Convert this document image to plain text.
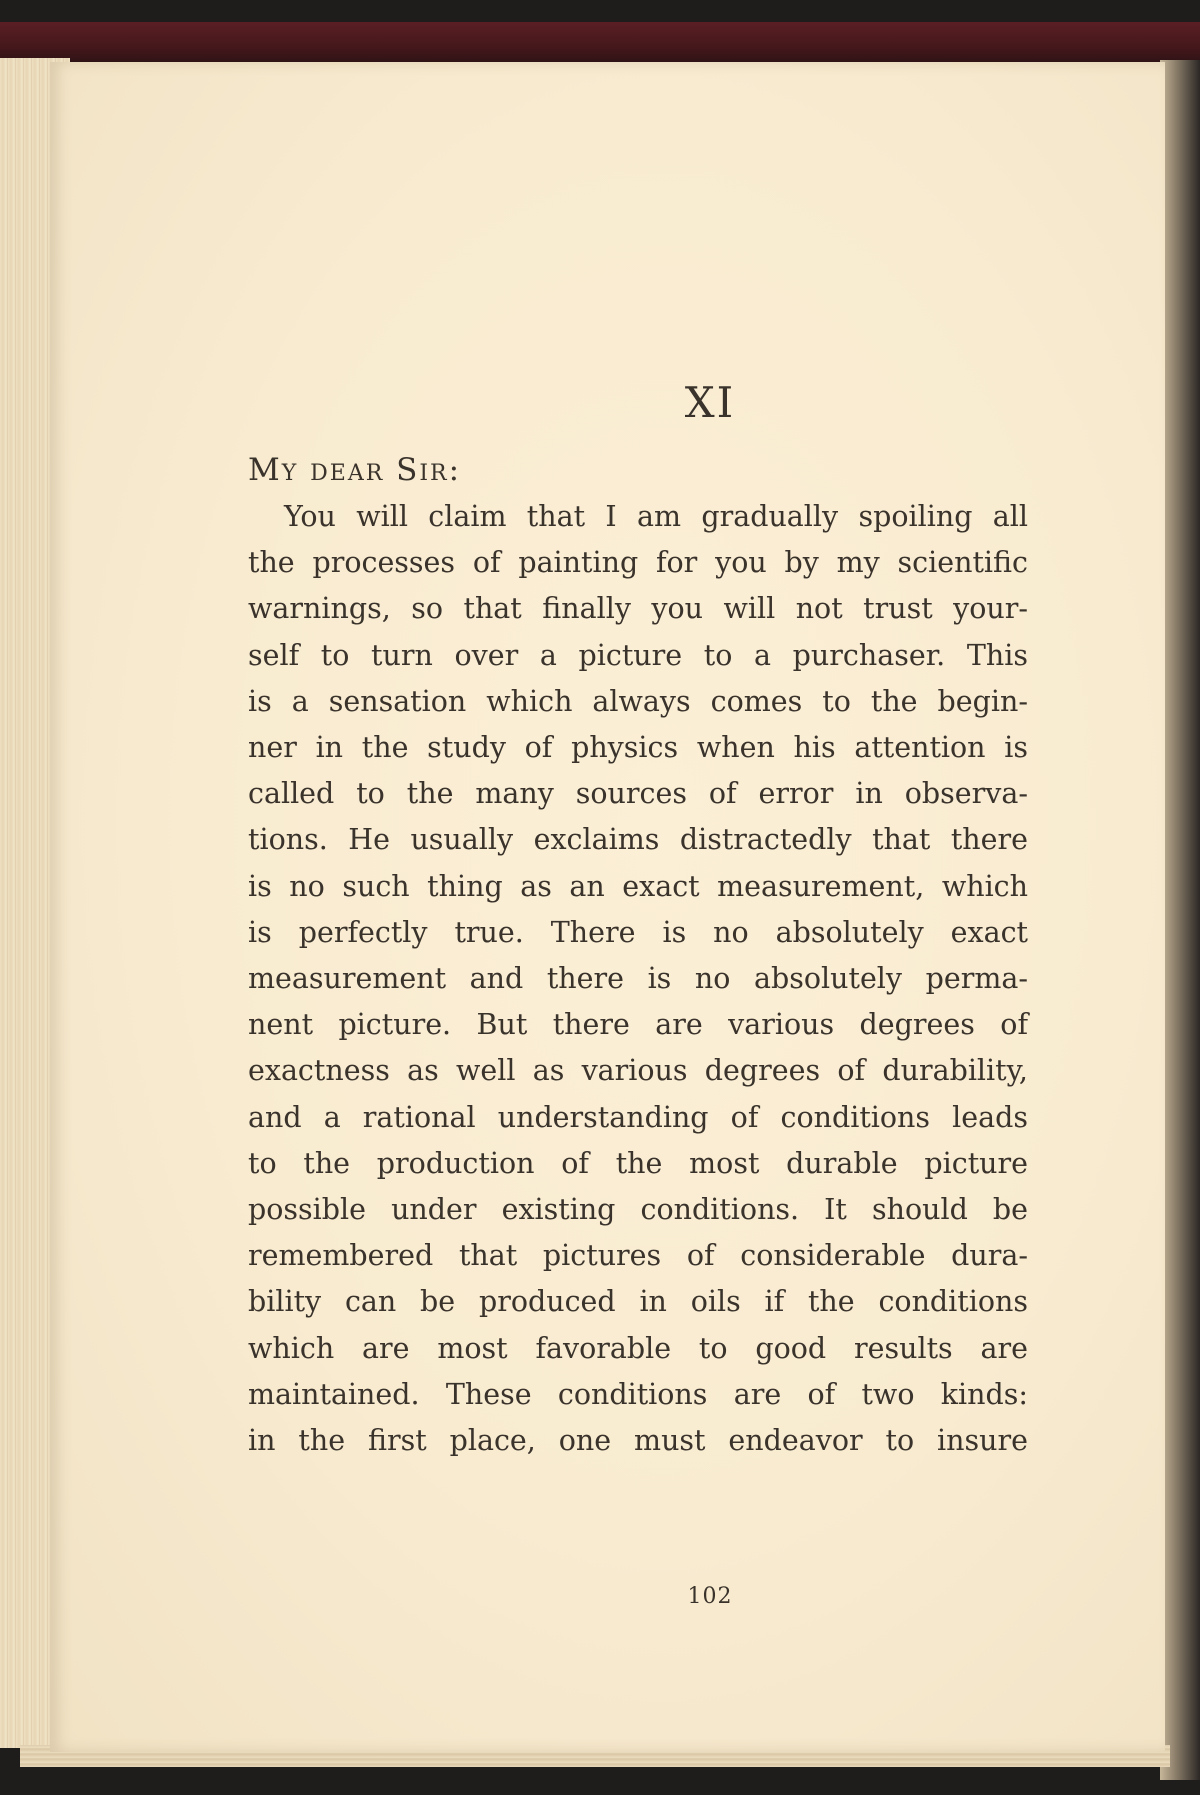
XI
My dear Sir:
You will claim that I am gradually spoiling all
the processes of painting for you by my scientific
warnings, so that finally you will not trust your-
self to turn over a picture to a purchaser. This
is a sensation which always comes to the begin-
ner in the study of physics when his attention is
called to the many sources of error in observa-
tions. He usually exclaims distractedly that there
is no such thing as an exact measurement, which
is perfectly true. There is no absolutely exact
measurement and there is no absolutely perma-
nent picture. But there are various degrees of
exactness as well as various degrees of durability,
and a rational understanding of conditions leads
to the production of the most durable picture
possible under existing conditions. It should be
remembered that pictures of considerable dura-
bility can be produced in oils if the conditions
which are most favorable to good results are
maintained. These conditions are of two kinds:
in the first place, one must endeavor to insure
102
